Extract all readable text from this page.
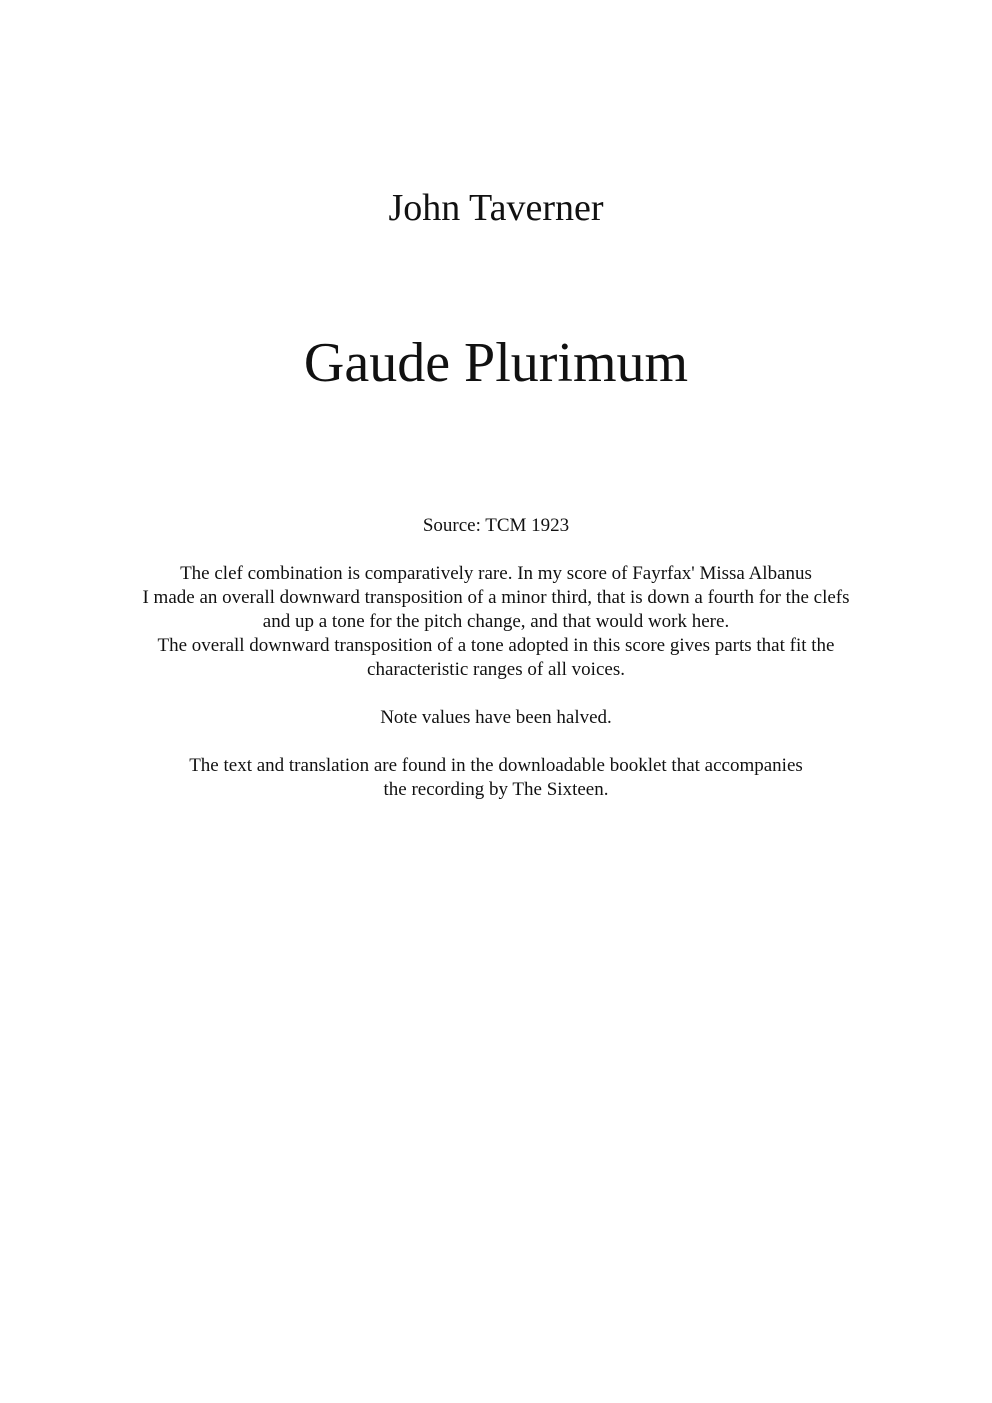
John Taverner
Gaude Plurimum

Source: TCM 1923

The clef combination is comparatively rare. In my score of Fayrfax' Missa Albanus

I made an overall downward transposition of a minor third, that is down a fourth for the clefs

and up a tone for the pitch change, and that would work here.

The overall downward transposition of a tone adopted in this score gives parts that fit the

characteristic ranges of all voices.

Note values have been halved.

The text and translation are found in the downloadable booklet that accompanies

the recording by The Sixteen.
